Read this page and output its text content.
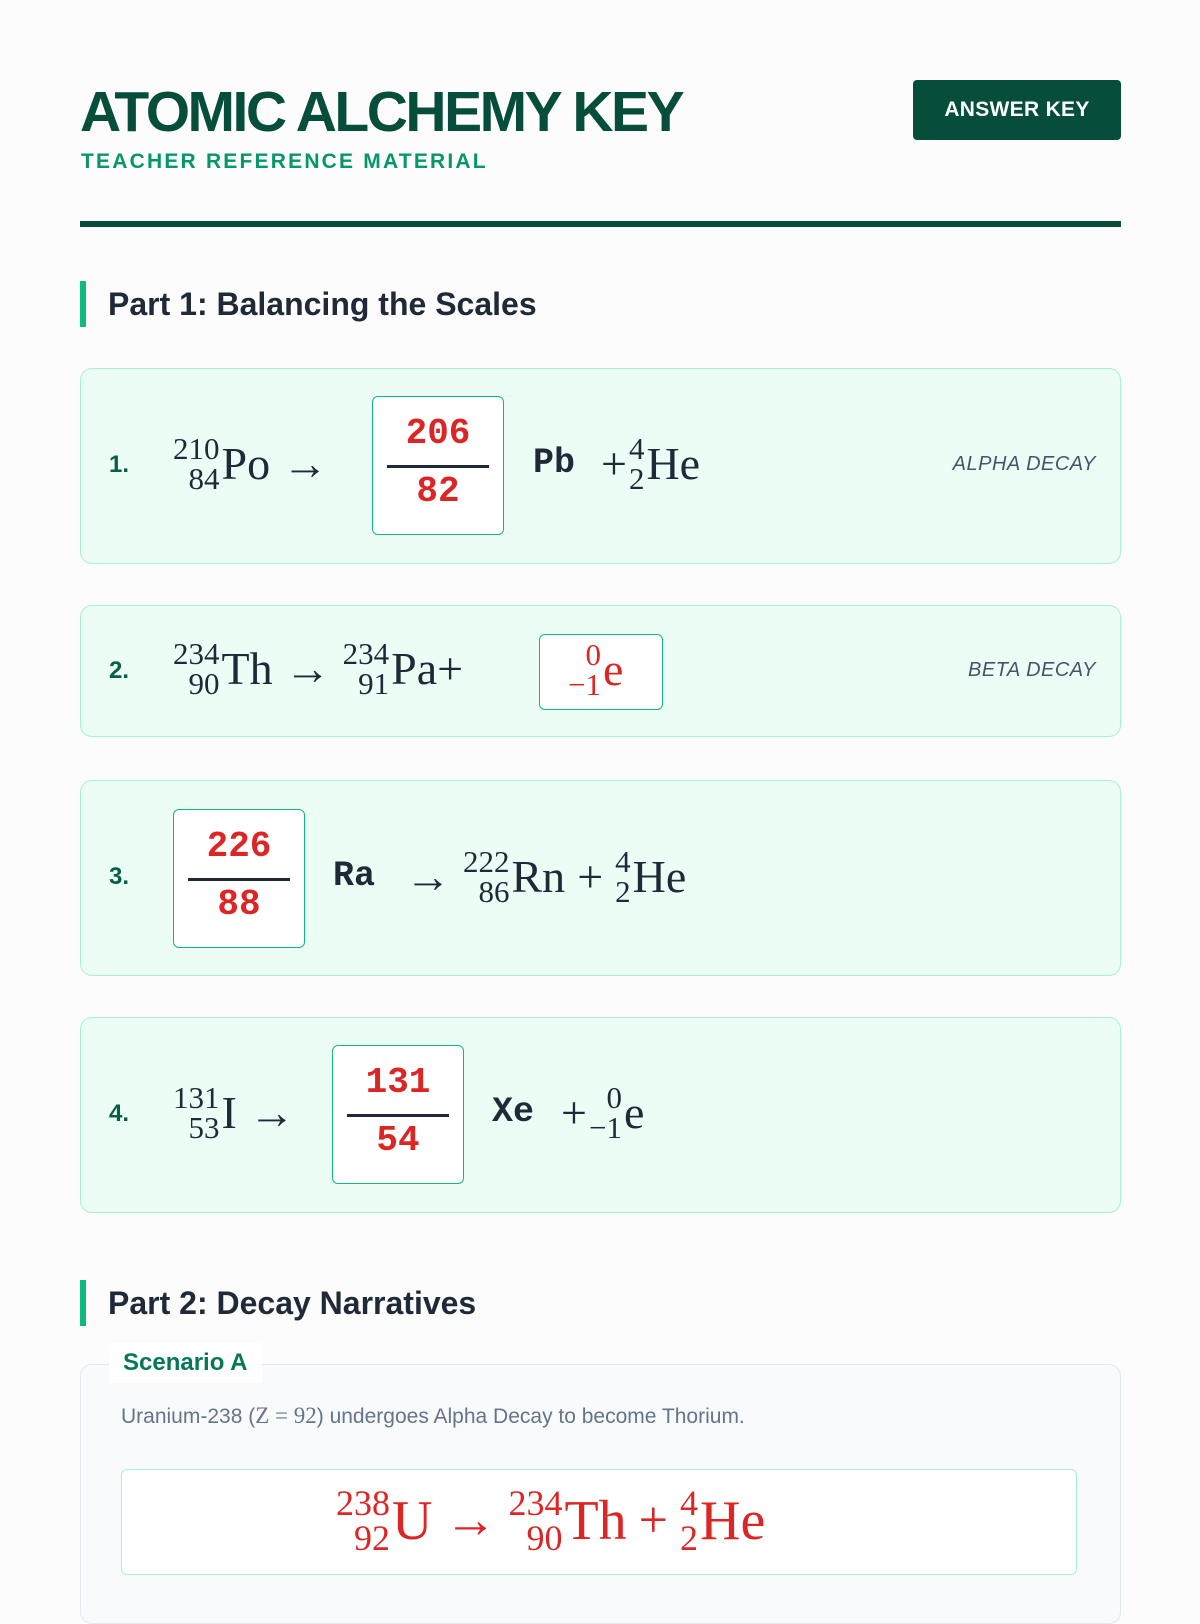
ATOMIC ALCHEMY KEY
TEACHER REFERENCE MATERIAL
ANSWER KEY
Part 1: Balancing the Scales
1. 210
84 Po →
206
82
Pb + 4
2 He	ALPHA DECAY
2. 234
90 Th → 234
91 Pa +	0
−1 e	BETA DECAY
3.
226
88
Ra → 222
86 Rn + 4
2 He
4. 131
53 I →
131
54
Xe + 0
−1 e
Part 2: Decay Narratives
Scenario A
Uranium-238 (Z = 92) undergoes Alpha Decay to become Thorium.
238
92 U → 234
90 Th + 4
2 He
